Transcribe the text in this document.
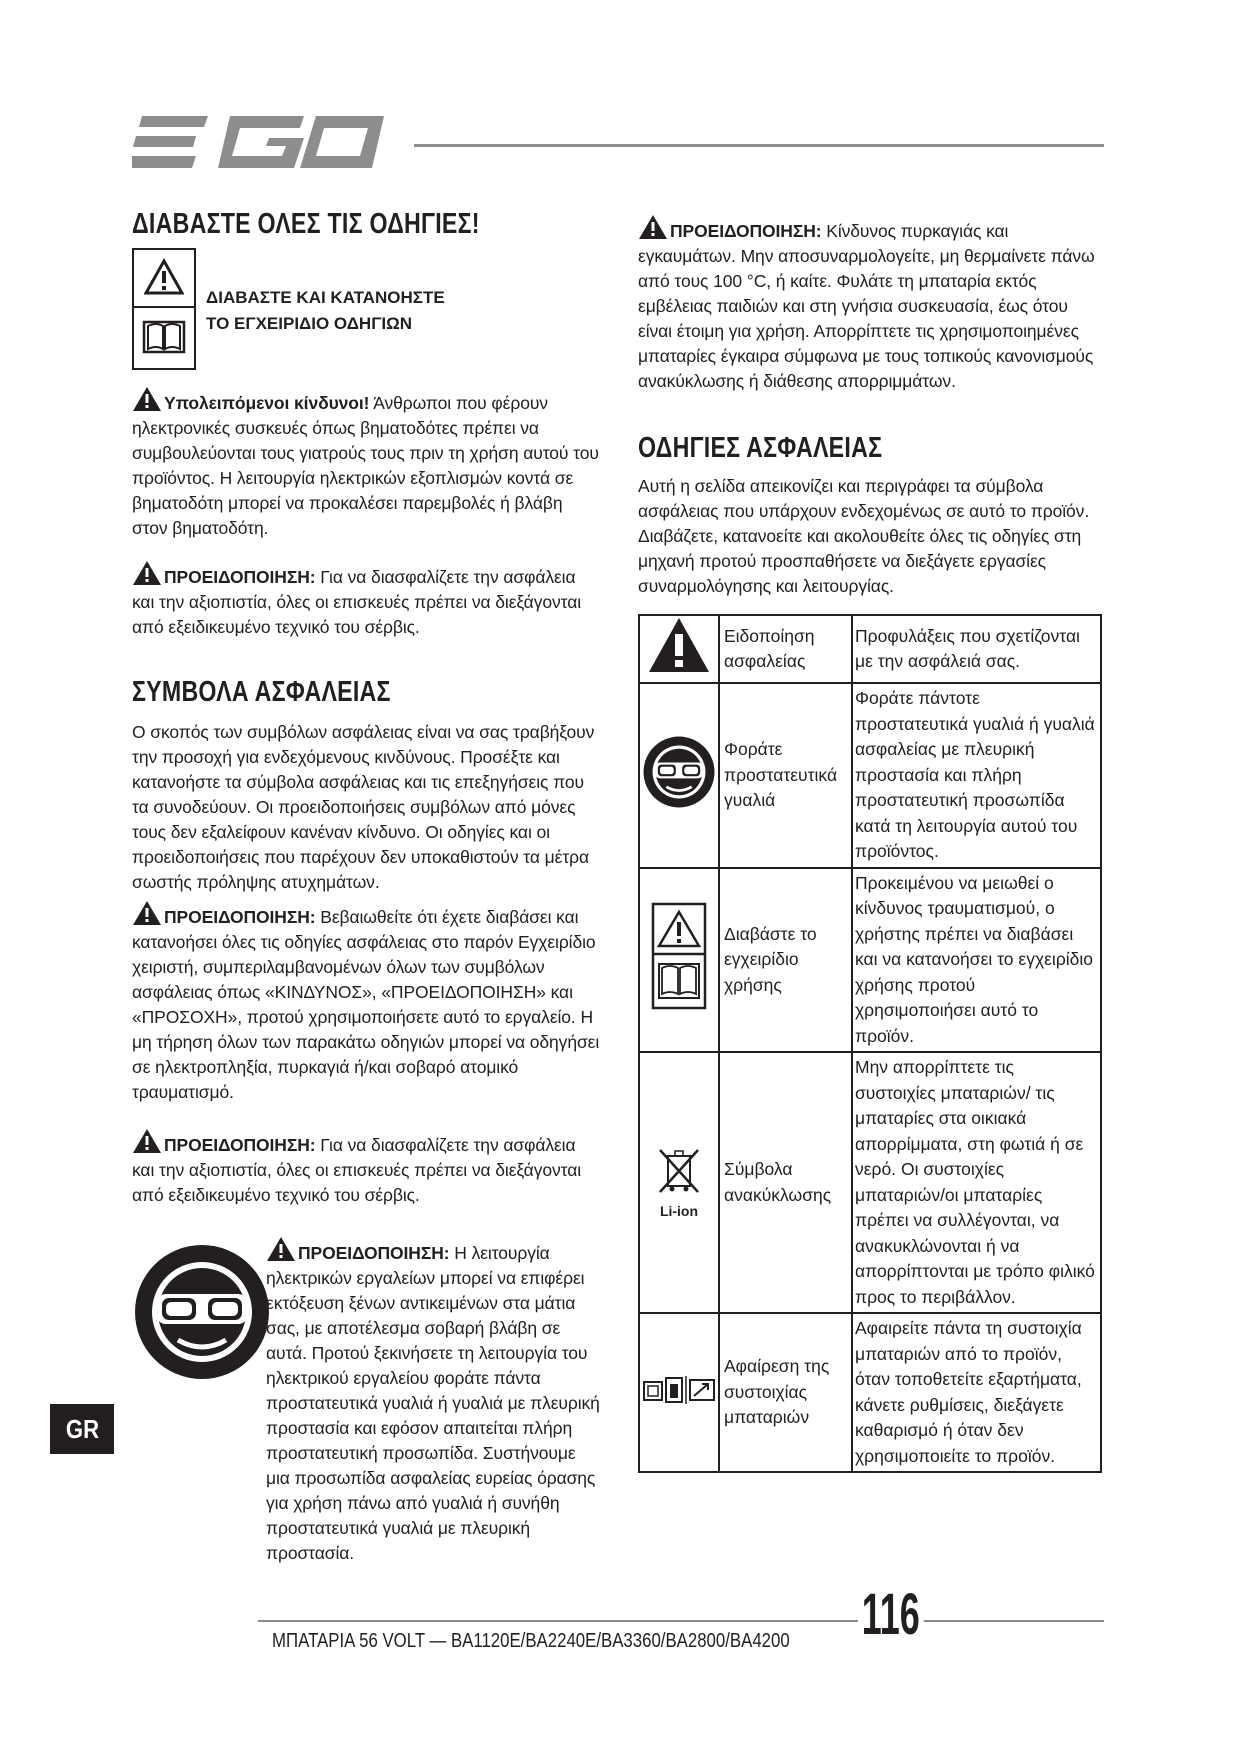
ΔΙΑΒΑΣΤΕ ΟΛΕΣ ΤΙΣ ΟΔΗΓΙΕΣ!
ΔΙΑΒΑΣΤΕ ΚΑΙ ΚΑΤΑΝΟΗΣΤΕ
ΤΟ ΕΓΧΕΙΡΙΔΙΟ ΟΔΗΓΙΩΝ

Υπολειπόμενοι κίνδυνοι! Άνθρωποι που φέρουν ηλεκτρονικές συσκευές όπως βηματοδότες πρέπει να συμβουλεύονται τους γιατρούς τους πριν τη χρήση αυτού του προϊόντος. Η λειτουργία ηλεκτρικών εξοπλισμών κοντά σε βηματοδότη μπορεί να προκαλέσει παρεμβολές ή βλάβη στον βηματοδότη.

ΠΡΟΕΙΔΟΠΟΙΗΣΗ: Για να διασφαλίζετε την ασφάλεια και την αξιοπιστία, όλες οι επισκευές πρέπει να διεξάγονται από εξειδικευμένο τεχνικό του σέρβις.

ΣΥΜΒΟΛΑ ΑΣΦΑΛΕΙΑΣ

Ο σκοπός των συμβόλων ασφάλειας είναι να σας τραβήξουν την προσοχή για ενδεχόμενους κινδύνους. Προσέξτε και κατανοήστε τα σύμβολα ασφάλειας και τις επεξηγήσεις που τα συνοδεύουν. Οι προειδοποιήσεις συμβόλων από μόνες τους δεν εξαλείφουν κανέναν κίνδυνο. Οι οδηγίες και οι προειδοποιήσεις που παρέχουν δεν υποκαθιστούν τα μέτρα σωστής πρόληψης ατυχημάτων.

ΠΡΟΕΙΔΟΠΟΙΗΣΗ: Βεβαιωθείτε ότι έχετε διαβάσει και κατανοήσει όλες τις οδηγίες ασφάλειας στο παρόν Εγχειρίδιο χειριστή, συμπεριλαμβανομένων όλων των συμβόλων ασφάλειας όπως «ΚΙΝΔΥΝΟΣ», «ΠΡΟΕΙΔΟΠΟΙΗΣΗ» και «ΠΡΟΣΟΧΗ», προτού χρησιμοποιήσετε αυτό το εργαλείο. Η μη τήρηση όλων των παρακάτω οδηγιών μπορεί να οδηγήσει σε ηλεκτροπληξία, πυρκαγιά ή/και σοβαρό ατομικό τραυματισμό.

ΠΡΟΕΙΔΟΠΟΙΗΣΗ: Για να διασφαλίζετε την ασφάλεια και την αξιοπιστία, όλες οι επισκευές πρέπει να διεξάγονται από εξειδικευμένο τεχνικό του σέρβις.

ΠΡΟΕΙΔΟΠΟΙΗΣΗ: Η λειτουργία ηλεκτρικών εργαλείων μπορεί να επιφέρει εκτόξευση ξένων αντικειμένων στα μάτια σας, με αποτέλεσμα σοβαρή βλάβη σε αυτά. Προτού ξεκινήσετε τη λειτουργία του ηλεκτρικού εργαλείου φοράτε πάντα προστατευτικά γυαλιά ή γυαλιά με πλευρική προστασία και εφόσον απαιτείται πλήρη προστατευτική προσωπίδα. Συστήνουμε μια προσωπίδα ασφαλείας ευρείας όρασης για χρήση πάνω από γυαλιά ή συνήθη προστατευτικά γυαλιά με πλευρική προστασία.

ΠΡΟΕΙΔΟΠΟΙΗΣΗ: Κίνδυνος πυρκαγιάς και εγκαυμάτων. Μην αποσυναρμολογείτε, μη θερμαίνετε πάνω από τους 100 °C, ή καίτε. Φυλάτε τη μπαταρία εκτός εμβέλειας παιδιών και στη γνήσια συσκευασία, έως ότου είναι έτοιμη για χρήση. Απορρίπτετε τις χρησιμοποιημένες μπαταρίες έγκαιρα σύμφωνα με τους τοπικούς κανονισμούς ανακύκλωσης ή διάθεσης απορριμμάτων.

ΟΔΗΓΙΕΣ ΑΣΦΑΛΕΙΑΣ

Αυτή η σελίδα απεικονίζει και περιγράφει τα σύμβολα ασφάλειας που υπάρχουν ενδεχομένως σε αυτό το προϊόν. Διαβάζετε, κατανοείτε και ακολουθείτε όλες τις οδηγίες στη μηχανή προτού προσπαθήσετε να διεξάγετε εργασίες συναρμολόγησης και λειτουργίας.

	Ειδοποίηση ασφαλείας	Προφυλάξεις που σχετίζονται με την ασφάλειά σας.
	Φοράτε προστατευτικά γυαλιά	Φοράτε πάντοτε προστατευτικά γυαλιά ή γυαλιά ασφαλείας με πλευρική προστασία και πλήρη προστατευτική προσωπίδα κατά τη λειτουργία αυτού του προϊόντος.
	Διαβάστε το εγχειρίδιο χρήσης	Προκειμένου να μειωθεί ο κίνδυνος τραυματισμού, ο χρήστης πρέπει να διαβάσει και να κατανοήσει το εγχειρίδιο χρήσης προτού χρησιμοποιήσει αυτό το προϊόν.

Li-ion	Σύμβολα ανακύκλωσης	Μην απορρίπτετε τις συστοιχίες μπαταριών/ τις μπαταρίες στα οικιακά απορρίμματα, στη φωτιά ή σε νερό. Οι συστοιχίες μπαταριών/οι μπαταρίες πρέπει να συλλέγονται, να ανακυκλώνονται ή να απορρίπτονται με τρόπο φιλικό προς το περιβάλλον.
	Αφαίρεση της συστοιχίας μπαταριών	Αφαιρείτε πάντα τη συστοιχία μπαταριών από το προϊόν, όταν τοποθετείτε εξαρτήματα, κάνετε ρυθμίσεις, διεξάγετε καθαρισμό ή όταν δεν χρησιμοποιείτε το προϊόν.
GR
ΜΠΑΤΑΡΙΑ 56 VOLT — BA1120E/BA2240E/BA3360/BA2800/BA4200 116
